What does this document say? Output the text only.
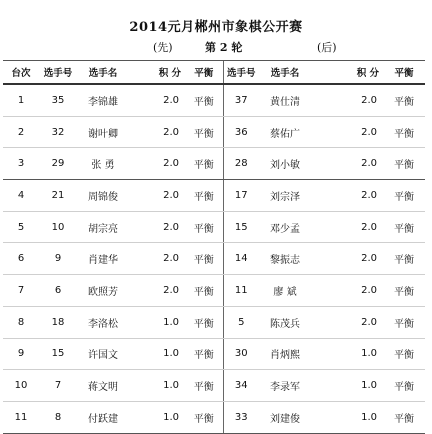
2014元月郴州市象棋公开赛
(先)	第 2 轮	(后)
台次	选手号	选手名	积 分	平衡	选手号	选手名	积 分	平衡
1	35	李锦雄	2.0	平衡	37	黄仕清	2.0	平衡
2	32	谢叶卿	2.0	平衡	36	蔡佑广	2.0	平衡
3	29	张 勇	2.0	平衡	28	刘小敏	2.0	平衡
4	21	周锦俊	2.0	平衡	17	刘宗泽	2.0	平衡
5	10	胡宗亮	2.0	平衡	15	邓少孟	2.0	平衡
6	9	肖建华	2.0	平衡	14	黎振志	2.0	平衡
7	6	欧照芳	2.0	平衡	11	廖 斌	2.0	平衡
8	18	李洛松	1.0	平衡	5	陈茂兵	2.0	平衡
9	15	许国文	1.0	平衡	30	肖炳熙	1.0	平衡
10	7	蒋文明	1.0	平衡	34	李录军	1.0	平衡
11	8	付跃建	1.0	平衡	33	刘建俊	1.0	平衡
